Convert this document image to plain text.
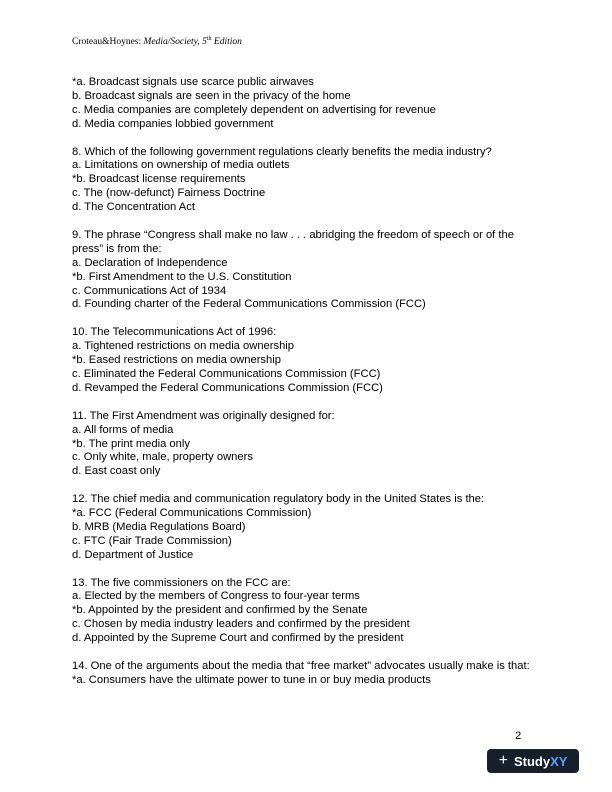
Croteau&Hoynes: Media/Society, 5th Edition
*a. Broadcast signals use scarce public airwaves
b. Broadcast signals are seen in the privacy of the home
c. Media companies are completely dependent on advertising for revenue
d. Media companies lobbied government
8. Which of the following government regulations clearly benefits the media industry?
a. Limitations on ownership of media outlets
*b. Broadcast license requirements
c. The (now-defunct) Fairness Doctrine
d. The Concentration Act
9. The phrase “Congress shall make no law . . . abridging the freedom of speech or of the press” is from the:
a. Declaration of Independence
*b. First Amendment to the U.S. Constitution
c. Communications Act of 1934
d. Founding charter of the Federal Communications Commission (FCC)
10. The Telecommunications Act of 1996:
a. Tightened restrictions on media ownership
*b. Eased restrictions on media ownership
c. Eliminated the Federal Communications Commission (FCC)
d. Revamped the Federal Communications Commission (FCC)
11. The First Amendment was originally designed for:
a. All forms of media
*b. The print media only
c. Only white, male, property owners
d. East coast only
12. The chief media and communication regulatory body in the United States is the:
*a. FCC (Federal Communications Commission)
b. MRB (Media Regulations Board)
c. FTC (Fair Trade Commission)
d. Department of Justice
13. The five commissioners on the FCC are:
a. Elected by the members of Congress to four-year terms
*b. Appointed by the president and confirmed by the Senate
c. Chosen by media industry leaders and confirmed by the president
d. Appointed by the Supreme Court and confirmed by the president
14. One of the arguments about the media that “free market” advocates usually make is that:
*a. Consumers have the ultimate power to tune in or buy media products
2
+ StudyXY
